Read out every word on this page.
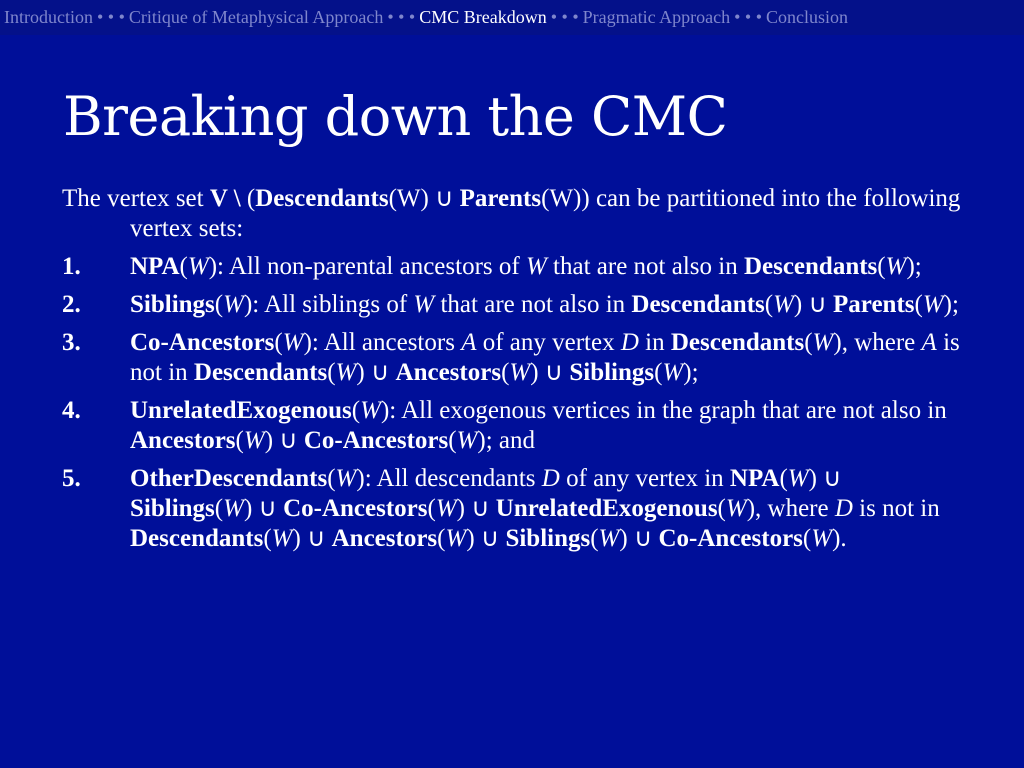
Introduction • • • Critique of Metaphysical Approach • • • CMC Breakdown • • • Pragmatic Approach • • • Conclusion
Breaking down the CMC

The vertex set V \ (Descendants(W) ∪ Parents(W)) can be partitioned into the following vertex sets:

1. NPA(W): All non-parental ancestors of W that are not also in Descendants(W);
2. Siblings(W): All siblings of W that are not also in Descendants(W) ∪ Parents(W);
3. Co-Ancestors(W): All ancestors A of any vertex D in Descendants(W), where A is not in Descendants(W) ∪ Ancestors(W) ∪ Siblings(W);
4. UnrelatedExogenous(W): All exogenous vertices in the graph that are not also in Ancestors(W) ∪ Co-Ancestors(W); and
5. OtherDescendants(W): All descendants D of any vertex in NPA(W) ∪ Siblings(W) ∪ Co-Ancestors(W) ∪ UnrelatedExogenous(W), where D is not in Descendants(W) ∪ Ancestors(W) ∪ Siblings(W) ∪ Co-Ancestors(W).
